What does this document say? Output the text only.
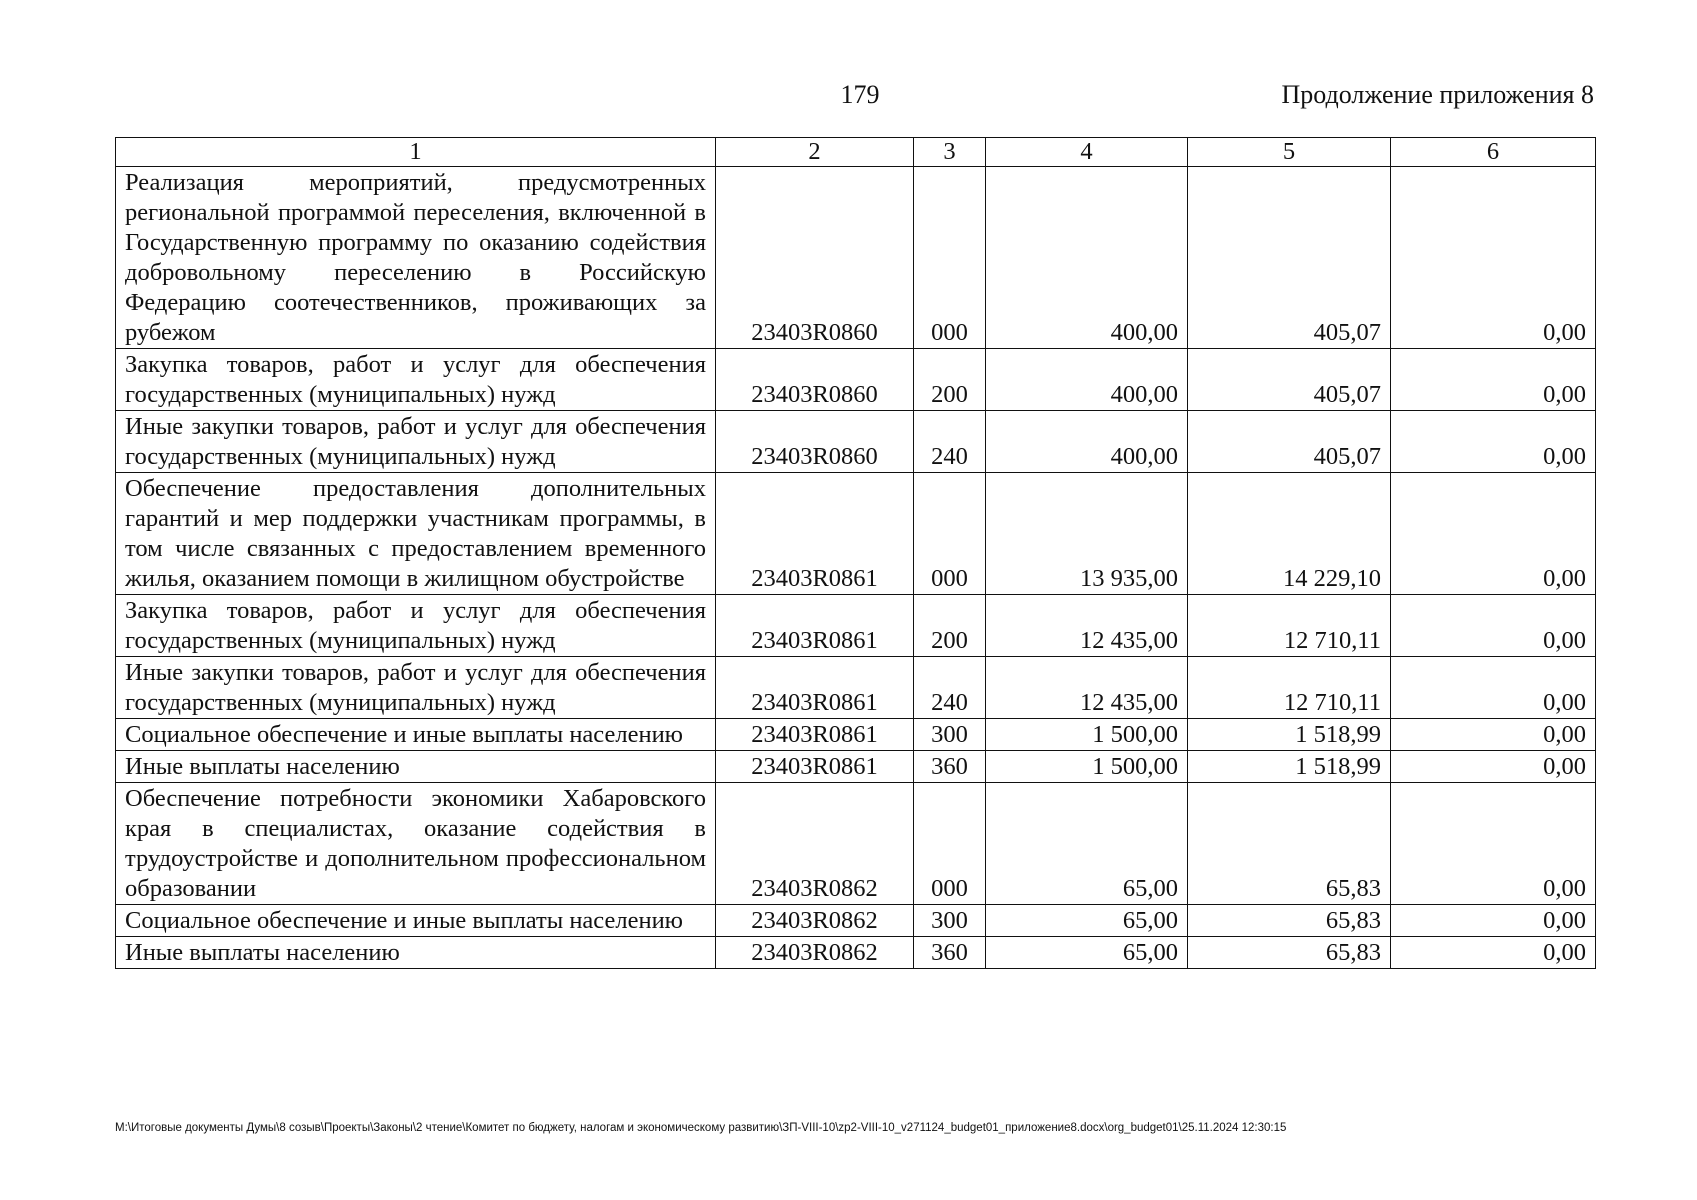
179	Продолжение приложения 8
1	2	3	4	5	6
Реализация мероприятий, предусмотренных региональной программой переселения, включенной в Государственную программу по оказанию содействия добровольному переселению в Российскую Федерацию соотечественников, проживающих за рубежом	23403R0860	000	400,00	405,07	0,00
Закупка товаров, работ и услуг для обеспечения государственных (муниципальных) нужд	23403R0860	200	400,00	405,07	0,00
Иные закупки товаров, работ и услуг для обеспечения государственных (муниципальных) нужд	23403R0860	240	400,00	405,07	0,00
Обеспечение предоставления дополнительных гарантий и мер поддержки участникам программы, в том числе связанных с предоставлением временного жилья, оказанием помощи в жилищном обустройстве	23403R0861	000	13 935,00	14 229,10	0,00
Закупка товаров, работ и услуг для обеспечения государственных (муниципальных) нужд	23403R0861	200	12 435,00	12 710,11	0,00
Иные закупки товаров, работ и услуг для обеспечения государственных (муниципальных) нужд	23403R0861	240	12 435,00	12 710,11	0,00
Социальное обеспечение и иные выплаты населению	23403R0861	300	1 500,00	1 518,99	0,00
Иные выплаты населению	23403R0861	360	1 500,00	1 518,99	0,00
Обеспечение потребности экономики Хабаровского края в специалистах, оказание содействия в трудоустройстве и дополнительном профессиональном образовании	23403R0862	000	65,00	65,83	0,00
Социальное обеспечение и иные выплаты населению	23403R0862	300	65,00	65,83	0,00
Иные выплаты населению	23403R0862	360	65,00	65,83	0,00
M:\Итоговые документы Думы\8 созыв\Проекты\Законы\2 чтение\Комитет по бюджету, налогам и экономическому развитию\ЗП-VIII-10\zp2-VIII-10_v271124_budget01_приложение8.docx\org_budget01\25.11.2024 12:30:15
